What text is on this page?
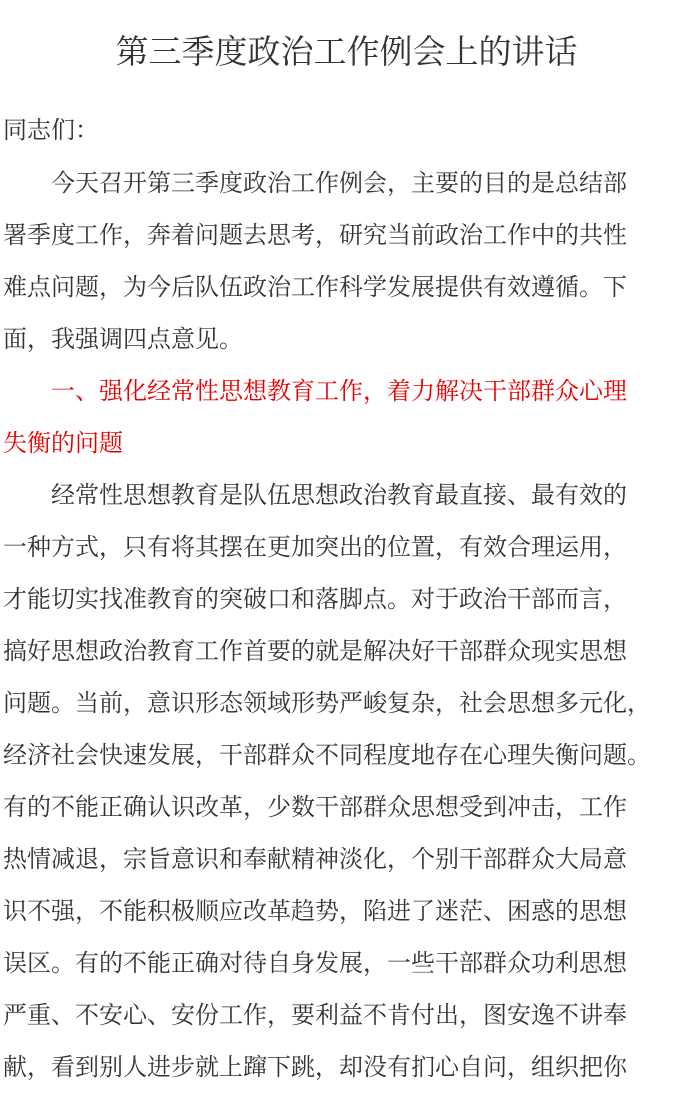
第三季度政治工作例会上的讲话
同志们：
　　今天召开第三季度政治工作例会，主要的目的是总结部
署季度工作，奔着问题去思考，研究当前政治工作中的共性
难点问题，为今后队伍政治工作科学发展提供有效遵循。下
面，我强调四点意见。
　　一、强化经常性思想教育工作，着力解决干部群众心理
失衡的问题
　　经常性思想教育是队伍思想政治教育最直接、最有效的
一种方式，只有将其摆在更加突出的位置，有效合理运用，
才能切实找准教育的突破口和落脚点。对于政治干部而言，
搞好思想政治教育工作首要的就是解决好干部群众现实思想
问题。当前，意识形态领域形势严峻复杂，社会思想多元化，
经济社会快速发展，干部群众不同程度地存在心理失衡问题。
有的不能正确认识改革，少数干部群众思想受到冲击，工作
热情减退，宗旨意识和奉献精神淡化，个别干部群众大局意
识不强，不能积极顺应改革趋势，陷进了迷茫、困惑的思想
误区。有的不能正确对待自身发展，一些干部群众功利思想
严重、不安心、安份工作，要利益不肯付出，图安逸不讲奉
献，看到别人进步就上蹿下跳，却没有扪心自问，组织把你
